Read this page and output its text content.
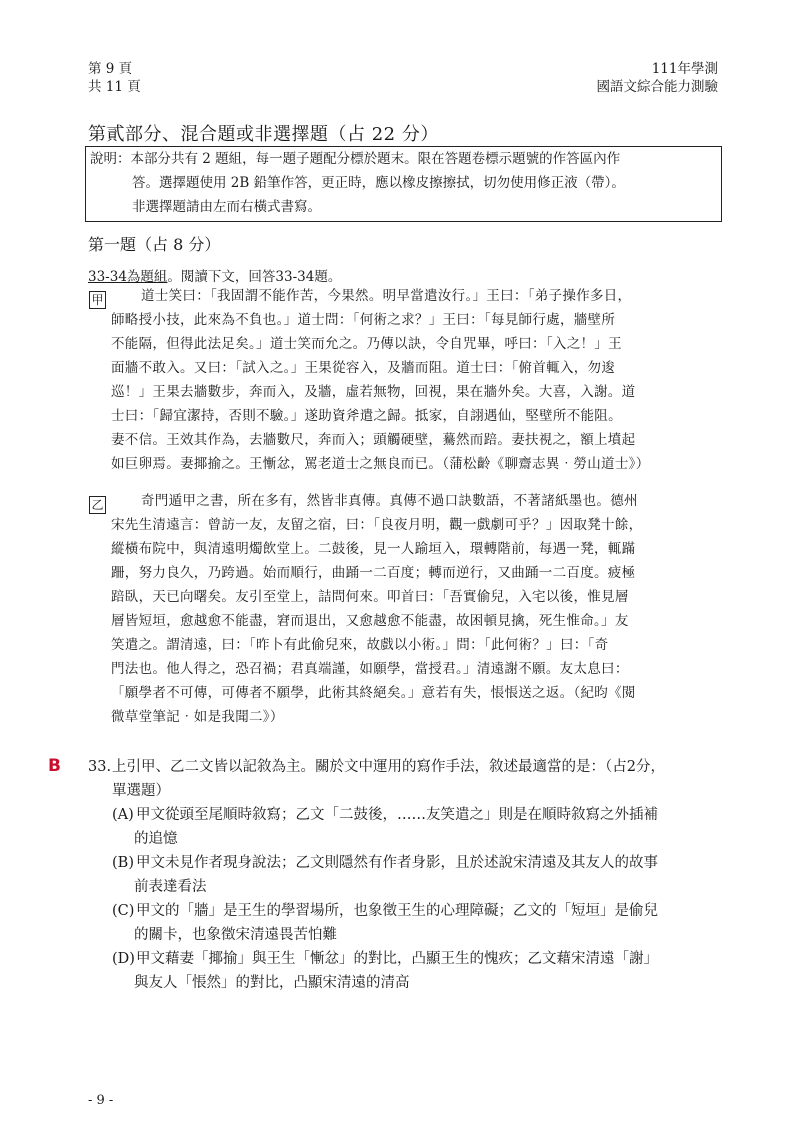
第 9 頁
共 11 頁
111年學測
國語文綜合能力測驗
第貳部分、混合題或非選擇題（占 22 分）

說明：本部分共有 2 題組，每一題子題配分標於題末。限在答題卷標示題號的作答區內作

答。選擇題使用 2B 鉛筆作答，更正時，應以橡皮擦擦拭，切勿使用修正液（帶）。

非選擇題請由左而右橫式書寫。

第一題（占 8 分）
33-34為題組。閱讀下文，回答33-34題。
甲	道士笑曰：「我固謂不能作苦，今果然。明早當遣汝行。」王曰：「弟子操作多日，

師略授小技，此來為不負也。」道士問：「何術之求？」王曰：「每見師行處，牆壁所

不能隔，但得此法足矣。」道士笑而允之。乃傳以訣，令自咒畢，呼曰：「入之！」王

面牆不敢入。又曰：「試入之。」王果從容入，及牆而阻。道士曰：「俯首輒入，勿逡

巡！」王果去牆數步，奔而入，及牆，虛若無物，回視，果在牆外矣。大喜，入謝。道

士曰：「歸宜潔持，否則不驗。」遂助資斧遣之歸。抵家，自詡遇仙，堅壁所不能阻。

妻不信。王效其作為，去牆數尺，奔而入；頭觸硬壁，驀然而踣。妻扶視之，額上墳起

如巨卵焉。妻揶揄之。王慚忿，罵老道士之無良而已。（蒲松齡《聊齋志異‧勞山道士》）

乙	奇門遁甲之書，所在多有，然皆非真傳。真傳不過口訣數語，不著諸紙墨也。德州

宋先生清遠言：曾訪一友，友留之宿，曰：「良夜月明，觀一戲劇可乎？」因取凳十餘，

縱橫布院中，與清遠明燭飲堂上。二鼓後，見一人踰垣入，環轉階前，每遇一凳，輒蹣

跚，努力良久，乃跨過。始而順行，曲踊一二百度；轉而逆行，又曲踊一二百度。疲極

踣臥，天已向曙矣。友引至堂上，詰問何來。叩首曰：「吾實偷兒，入宅以後，惟見層

層皆短垣，愈越愈不能盡，窘而退出，又愈越愈不能盡，故困頓見擒，死生惟命。」友

笑遣之。謂清遠，曰：「昨卜有此偷兒來，故戲以小術。」問：「此何術？」曰：「奇

門法也。他人得之，恐召禍；君真端謹，如願學，當授君。」清遠謝不願。友太息曰：

「願學者不可傳，可傳者不願學，此術其終絕矣。」意若有失，悵悵送之返。（紀昀《閱

微草堂筆記‧如是我聞二》）

B 33. 上引甲、乙二文皆以記敘為主。關於文中運用的寫作手法，敘述最適當的是：（占2分，

單選題）

(A) 甲文從頭至尾順時敘寫；乙文「二鼓後，……友笑遣之」則是在順時敘寫之外插補

的追憶

(B) 甲文未見作者現身說法；乙文則隱然有作者身影，且於述說宋清遠及其友人的故事

前表達看法

(C) 甲文的「牆」是王生的學習場所，也象徵王生的心理障礙；乙文的「短垣」是偷兒

的關卡，也象徵宋清遠畏苦怕難

(D) 甲文藉妻「揶揄」與王生「慚忿」的對比，凸顯王生的愧疚；乙文藉宋清遠「謝」

與友人「悵然」的對比，凸顯宋清遠的清高

- 9 -
